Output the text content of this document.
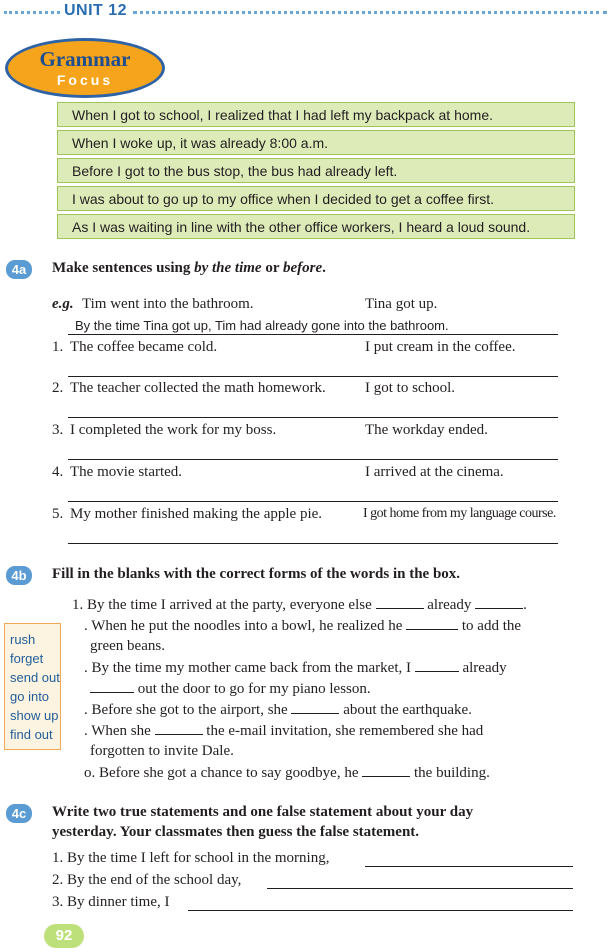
UNIT 12
Grammar
Focus
When I got to school, I realized that I had left my backpack at home.
When I woke up, it was already 8:00 a.m.
Before I got to the bus stop, the bus had already left.
I was about to go up to my office when I decided to get a coffee first.
As I was waiting in line with the other office workers, I heard a loud sound.
4a	Make sentences using by the time or before.
e.g. Tim went into the bathroom.	Tina got up.
By the time Tina got up, Tim had already gone into the bathroom.
1. The coffee became cold.	I put cream in the coffee.
2. The teacher collected the math homework.	I got to school.
3. I completed the work for my boss.	The workday ended.
4. The movie started.	I arrived at the cinema.
5. My mother finished making the apple pie.	I got home from my language course.
4b	Fill in the blanks with the correct forms of the words in the box.
rush
forget
send out
go into
show up
find out
1. By the time I arrived at the party, everyone else	already	.
. When he put the noodles into a bowl, he realized he	to add the
green beans.
. By the time my mother came back from the market, I	already
out the door to go for my piano lesson.
. Before she got to the airport, she	about the earthquake.
. When she	the e-mail invitation, she remembered she had
forgotten to invite Dale.
o. Before she got a chance to say goodbye, he	the building.
4c	Write two true statements and one false statement about your day
yesterday. Your classmates then guess the false statement.
1. By the time I left for school in the morning,
2. By the end of the school day,
3. By dinner time, I
92
